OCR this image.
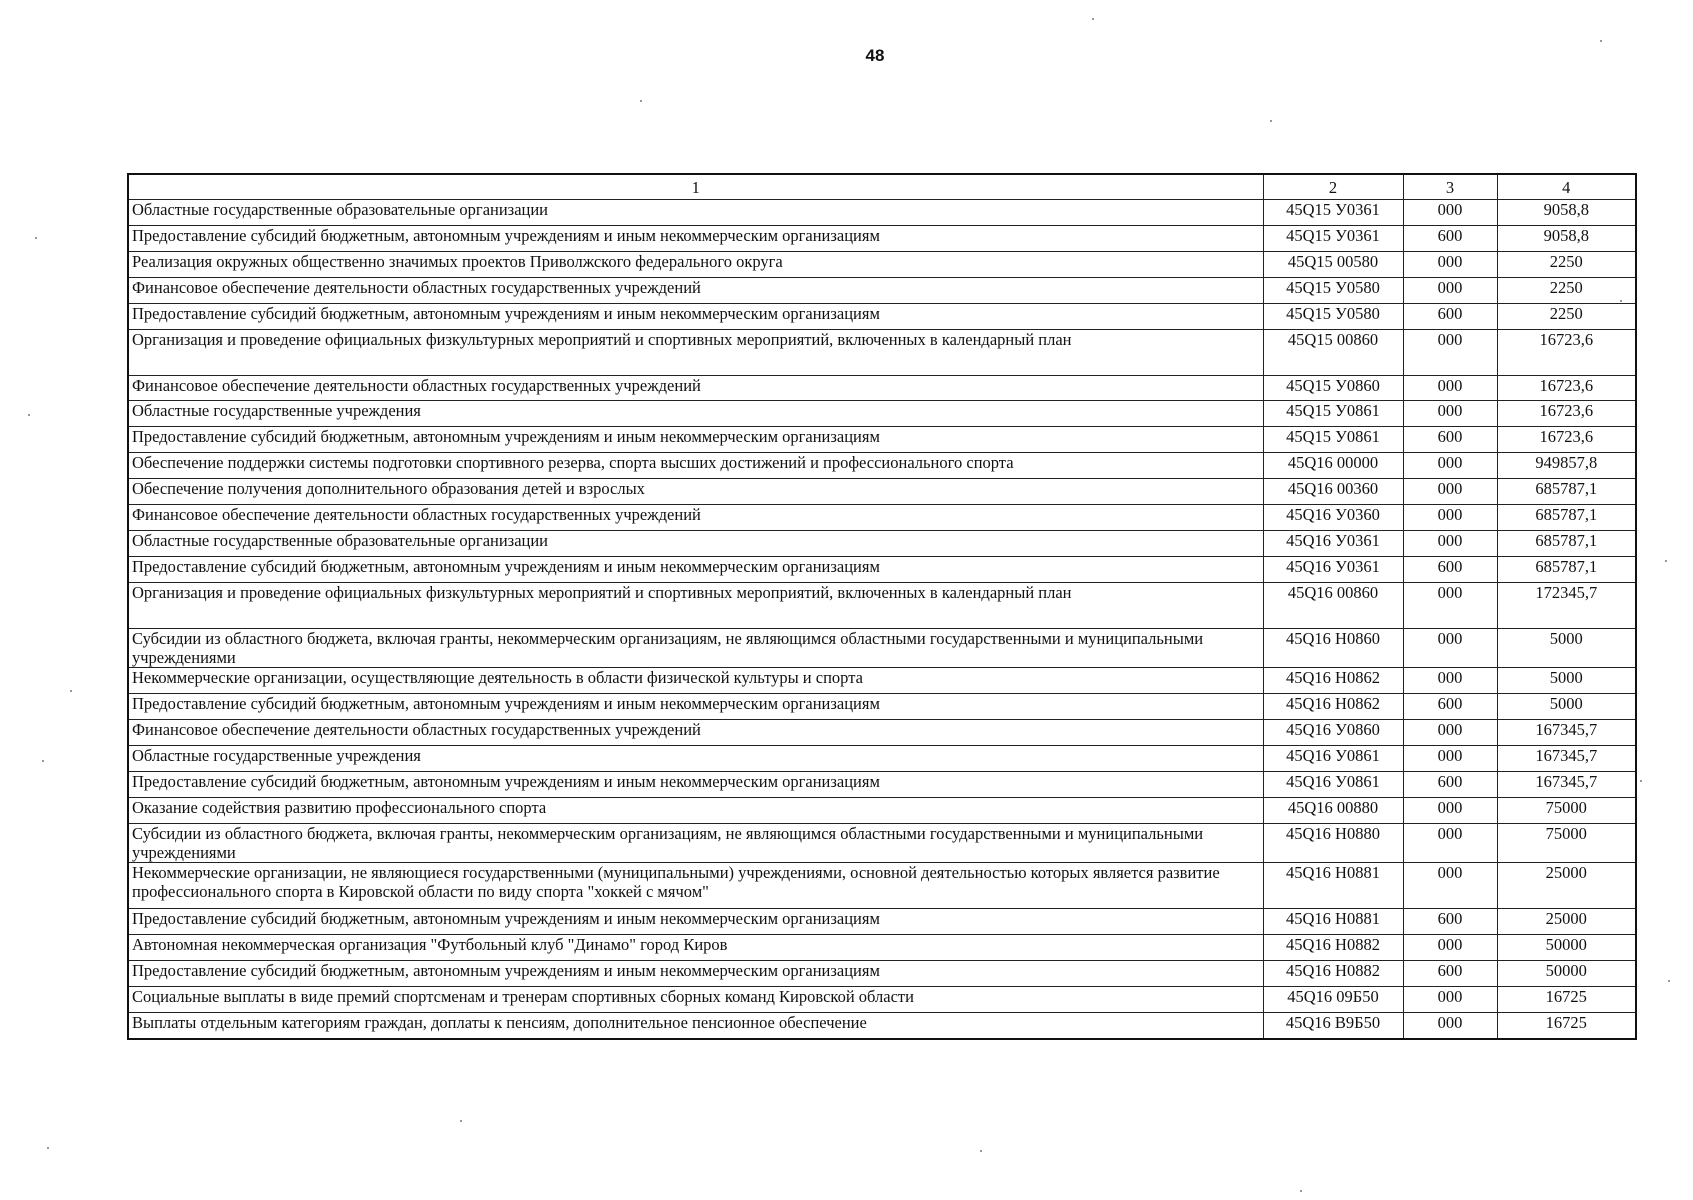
48
1	2	3	4
Областные государственные образовательные организации	45Q15 У0361	000	9058,8
Предоставление субсидий бюджетным, автономным учреждениям и иным некоммерческим организациям	45Q15 У0361	600	9058,8
Реализация окружных общественно значимых проектов Приволжского федерального округа	45Q15 00580	000	2250
Финансовое обеспечение деятельности областных государственных учреждений	45Q15 У0580	000	2250
Предоставление субсидий бюджетным, автономным учреждениям и иным некоммерческим организациям	45Q15 У0580	600	2250
Организация и проведение официальных физкультурных мероприятий и спортивных мероприятий, включенных в календарный план	45Q15 00860	000	16723,6
Финансовое обеспечение деятельности областных государственных учреждений	45Q15 У0860	000	16723,6
Областные государственные учреждения	45Q15 У0861	000	16723,6
Предоставление субсидий бюджетным, автономным учреждениям и иным некоммерческим организациям	45Q15 У0861	600	16723,6
Обеспечение поддержки системы подготовки спортивного резерва, спорта высших достижений и профессионального спорта	45Q16 00000	000	949857,8
Обеспечение получения дополнительного образования детей и взрослых	45Q16 00360	000	685787,1
Финансовое обеспечение деятельности областных государственных учреждений	45Q16 У0360	000	685787,1
Областные государственные образовательные организации	45Q16 У0361	000	685787,1
Предоставление субсидий бюджетным, автономным учреждениям и иным некоммерческим организациям	45Q16 У0361	600	685787,1
Организация и проведение официальных физкультурных мероприятий и спортивных мероприятий, включенных в календарный план	45Q16 00860	000	172345,7
Субсидии из областного бюджета, включая гранты, некоммерческим организациям, не являющимся областными государственными и муниципальными учреждениями	45Q16 Н0860	000	5000
Некоммерческие организации, осуществляющие деятельность в области физической культуры и спорта	45Q16 Н0862	000	5000
Предоставление субсидий бюджетным, автономным учреждениям и иным некоммерческим организациям	45Q16 Н0862	600	5000
Финансовое обеспечение деятельности областных государственных учреждений	45Q16 У0860	000	167345,7
Областные государственные учреждения	45Q16 У0861	000	167345,7
Предоставление субсидий бюджетным, автономным учреждениям и иным некоммерческим организациям	45Q16 У0861	600	167345,7
Оказание содействия развитию профессионального спорта	45Q16 00880	000	75000
Субсидии из областного бюджета, включая гранты, некоммерческим организациям, не являющимся областными государственными и муниципальными учреждениями	45Q16 Н0880	000	75000
Некоммерческие организации, не являющиеся государственными (муниципальными) учреждениями, основной деятельностью которых является развитие профессионального спорта в Кировской области по виду спорта "хоккей с мячом"	45Q16 Н0881	000	25000
Предоставление субсидий бюджетным, автономным учреждениям и иным некоммерческим организациям	45Q16 Н0881	600	25000
Автономная некоммерческая организация "Футбольный клуб "Динамо" город Киров	45Q16 Н0882	000	50000
Предоставление субсидий бюджетным, автономным учреждениям и иным некоммерческим организациям	45Q16 Н0882	600	50000
Социальные выплаты в виде премий спортсменам и тренерам спортивных сборных команд Кировской области	45Q16 09Б50	000	16725
Выплаты отдельным категориям граждан, доплаты к пенсиям, дополнительное пенсионное обеспечение	45Q16 В9Б50	000	16725
